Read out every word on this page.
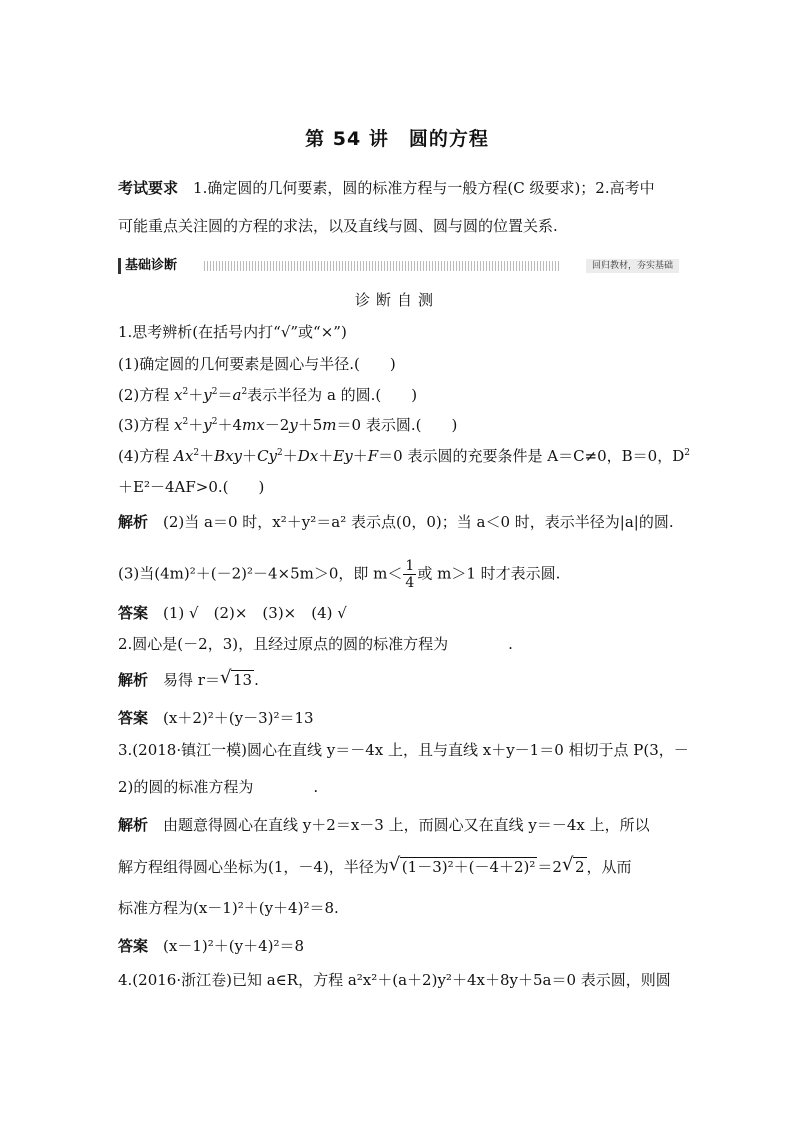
第 54 讲　圆的方程
考试要求　 1.确定圆的几何要素，圆的标准方程与一般方程(C 级要求)；2.高考中
可能重点关注圆的方程的求法，以及直线与圆、圆与圆的位置关系.
基础诊断	回归教材，夯实基础
诊断自测
1.思考辨析(在括号内打“√”或“×”)
(1)确定圆的几何要素是圆心与半径.(　　)
(2)方程 $x^2+y^2=a^2$表示半径为 a 的圆.(　　)
(3)方程 $x^2+y^2+4mx-2y+5m=0$ 表示圆.(　　)
(4)方程 $Ax^2+Bxy+Cy^2+Dx+Ey+F=0$ 表示圆的充要条件是 A＝C≠0，B＝0，$D^2$
＋E²－4AF>0.(　　)
解析　 (2)当 a＝0 时，x²＋y²＝a² 表示点(0，0)；当 a＜0 时，表示半径为|a|的圆.
(3)当(4m)²＋(－2)²－4×5m＞0，即 $m< \frac{1}{4}$ 或 m＞1 时才表示圆.
答案　 (1) √　(2)×　(3)×　(4) √
2.圆心是(－2，3)，且经过原点的圆的标准方程为	.
解析　 易得 r＝ √ 13 .
答案　 (x＋2)²＋(y－3)²＝13
3.(2018·镇江一模)圆心在直线 y＝－4x 上，且与直线 x＋y－1＝0 相切于点 P(3，－
2)的圆的标准方程为	.
解析　 由题意得圆心在直线 y＋2＝x－3 上，而圆心又在直线 y＝－4x 上，所以
解方程组得圆心坐标为(1，－4)，半径为 √ (1－3)²＋(－4＋2)² ＝2 √ 2 ，从而
标准方程为(x－1)²＋(y＋4)²＝8.
答案　 (x－1)²＋(y＋4)²＝8
4.(2016·浙江卷)已知 a∈R，方程 a²x²＋(a＋2)y²＋4x＋8y＋5a＝0 表示圆，则圆
